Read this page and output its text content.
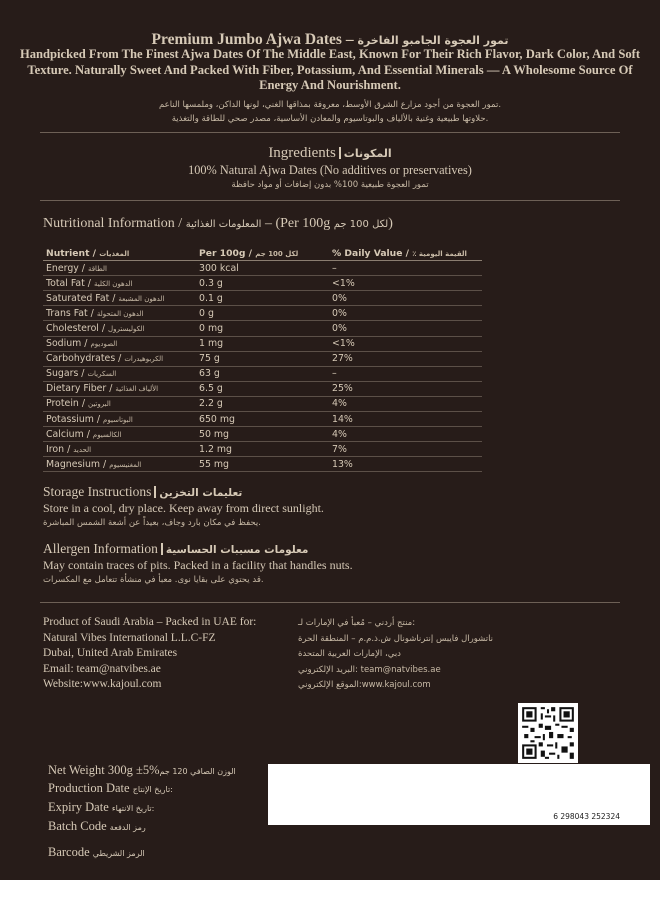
Premium Jumbo Ajwa Dates – تمور العجوة الجامبو الفاخرة
Handpicked From The Finest Ajwa Dates Of The Middle East, Known For Their Rich Flavor, Dark Color, And Soft Texture. Naturally Sweet And Packed With Fiber, Potassium, And Essential Minerals — A Wholesome Source Of Energy And Nourishment.
تمور العجوة من أجود مزارع الشرق الأوسط، معروفة بمذاقها الغني، لونها الداكن، وملمسها الناعم.
حلاوتها طبيعية وغنية بالألياف والبوتاسيوم والمعادن الأساسية، مصدر صحي للطاقة والتغذية.
Ingredients المكونات
100% Natural Ajwa Dates (No additives or preservatives)
تمور العجوة طبيعية 100% بدون إضافات أو مواد حافظة
Nutritional Information / المعلومات الغذائية – (Per 100g لكل 100 جم)
Nutrient / المغذيات	Per 100g / لكل 100 جم	% Daily Value / ٪ القيمة اليومية
Energy / الطاقة	300 kcal	–
Total Fat / الدهون الكلية	0.3 g	<1%
Saturated Fat / الدهون المشبعة	0.1 g	0%
Trans Fat / الدهون المتحولة	0 g	0%
Cholesterol / الكوليسترول	0 mg	0%
Sodium / الصوديوم	1 mg	<1%
Carbohydrates / الكربوهيدرات	75 g	27%
Sugars / السكريات	63 g	–
Dietary Fiber / الألياف الغذائية	6.5 g	25%
Protein / البروتين	2.2 g	4%
Potassium / البوتاسيوم	650 mg	14%
Calcium / الكالسيوم	50 mg	4%
Iron / الحديد	1.2 mg	7%
Magnesium / المغنيسيوم	55 mg	13%
Storage Instructions تعليمات التخزين
Store in a cool, dry place. Keep away from direct sunlight.
يحفظ في مكان بارد وجاف، بعيداً عن أشعة الشمس المباشرة.
Allergen Information معلومات مسببات الحساسية
May contain traces of pits. Packed in a facility that handles nuts.
قد يحتوي على بقايا نوى. معبأ في منشأة تتعامل مع المكسرات.
Product of Saudi Arabia – Packed in UAE for:
Natural Vibes International L.L.C-FZ
Dubai, United Arab Emirates
Email: team@natvibes.ae
Website:www.kajoul.com
منتج أردني – مُعبأ في الإمارات لـ:
ناتشورال فايبس إنترناشونال ش.ذ.م.م – المنطقة الحرة
دبي، الإمارات العربية المتحدة
البريد الإلكتروني: team@natvibes.ae
الموقع الإلكتروني:www.kajoul.com
Net Weight 300g ±5%الوزن الصافي 120 جم
Production Date تاريخ الإنتاج:
Expiry Date تاريخ الانتهاء:
Batch Code رمز الدفعة
Barcode الرمز الشريطي
6 298043 252324
